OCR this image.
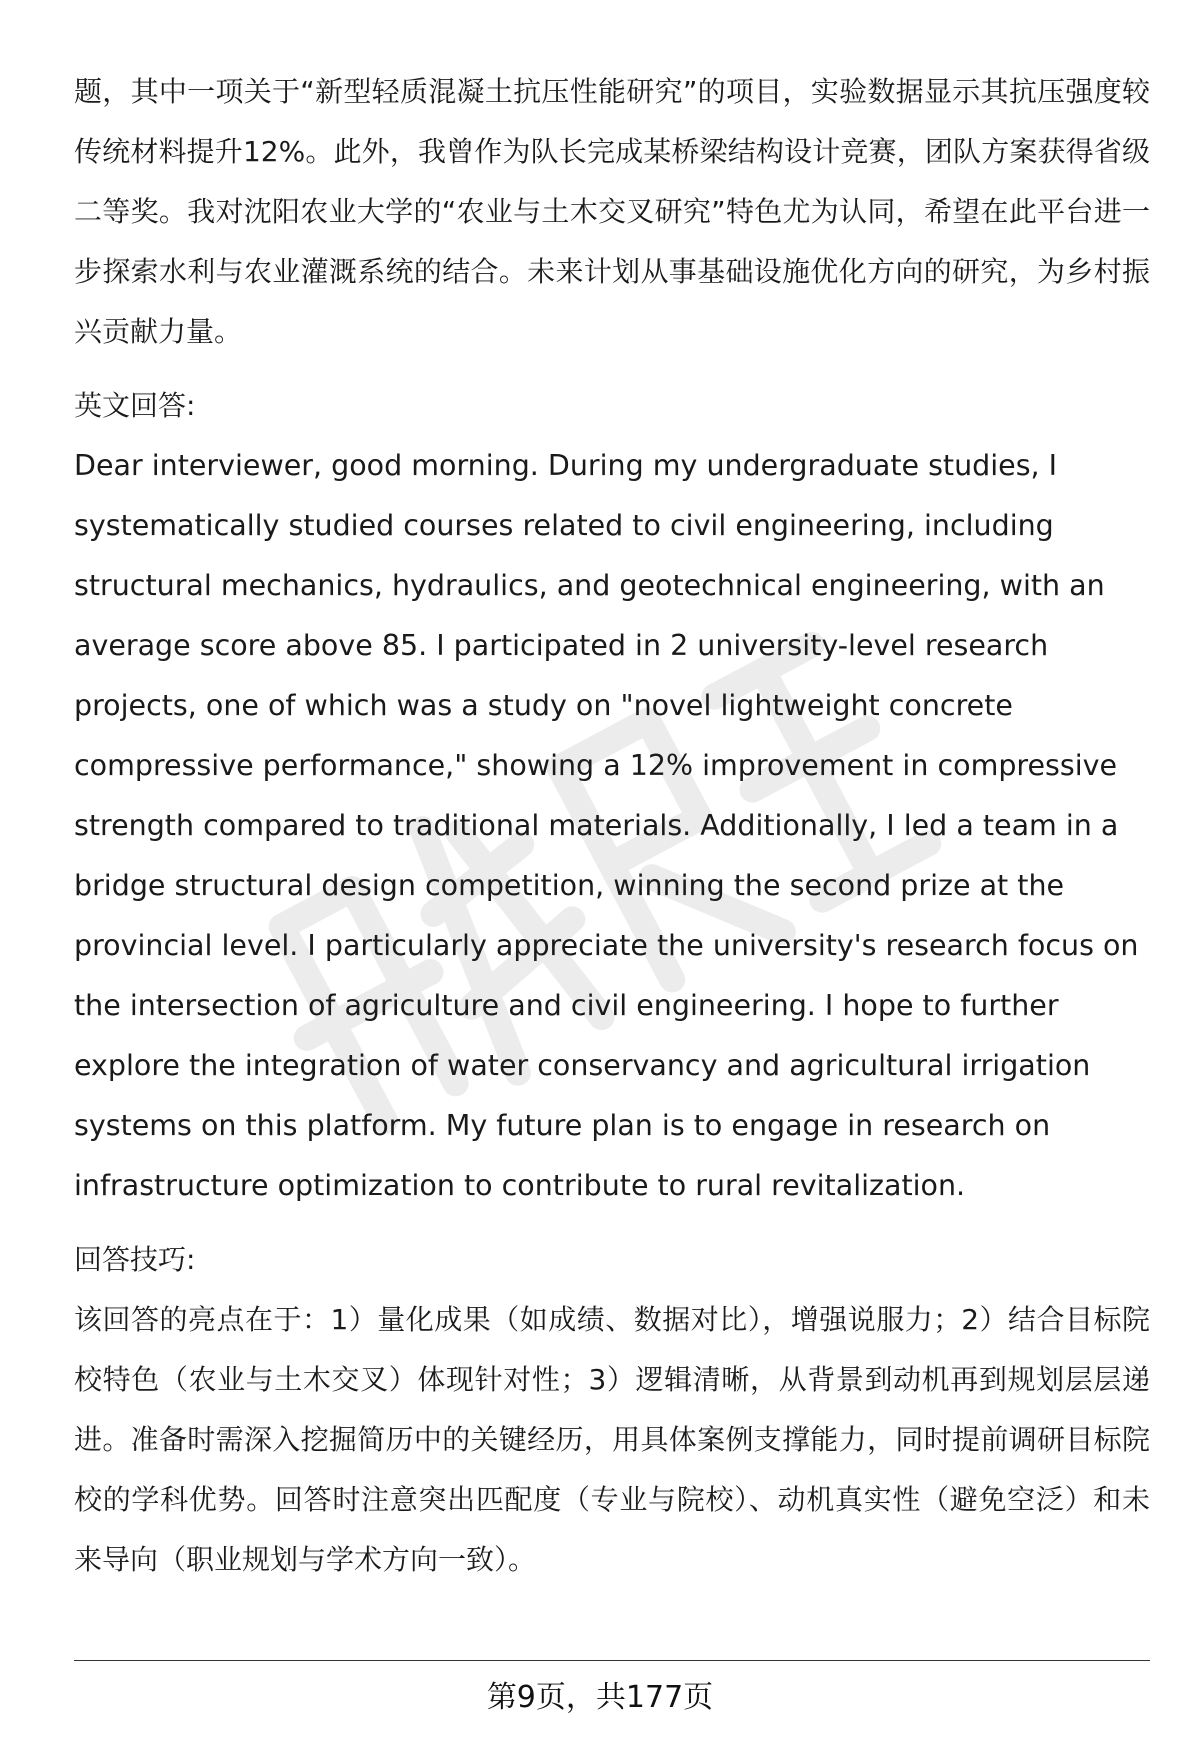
题，其中一项关于“新型轻质混凝土抗压性能研究”的项目，实验数据显示其抗压强度较传统材料提升12%。此外，我曾作为队长完成某桥梁结构设计竞赛，团队方案获得省级二等奖。我对沈阳农业大学的“农业与土木交叉研究”特色尤为认同，希望在此平台进一步探索水利与农业灌溉系统的结合。未来计划从事基础设施优化方向的研究，为乡村振兴贡献力量。

英文回答:

Dear interviewer, good morning. During my undergraduate studies, I systematically studied courses related to civil engineering, including structural mechanics, hydraulics, and geotechnical engineering, with an average score above 85. I participated in 2 university-level research projects, one of which was a study on "novel lightweight concrete compressive performance," showing a 12% improvement in compressive strength compared to traditional materials. Additionally, I led a team in a bridge structural design competition, winning the second prize at the provincial level. I particularly appreciate the university's research focus on the intersection of agriculture and civil engineering. I hope to further explore the integration of water conservancy and agricultural irrigation systems on this platform. My future plan is to engage in research on infrastructure optimization to contribute to rural revitalization.

回答技巧:

该回答的亮点在于：1）量化成果（如成绩、数据对比），增强说服力；2）结合目标院校特色（农业与土木交叉）体现针对性；3）逻辑清晰，从背景到动机再到规划层层递进。准备时需深入挖掘简历中的关键经历，用具体案例支撑能力，同时提前调研目标院校的学科优势。回答时注意突出匹配度（专业与院校）、动机真实性（避免空泛）和未来导向（职业规划与学术方向一致）。

第9页，共177页
